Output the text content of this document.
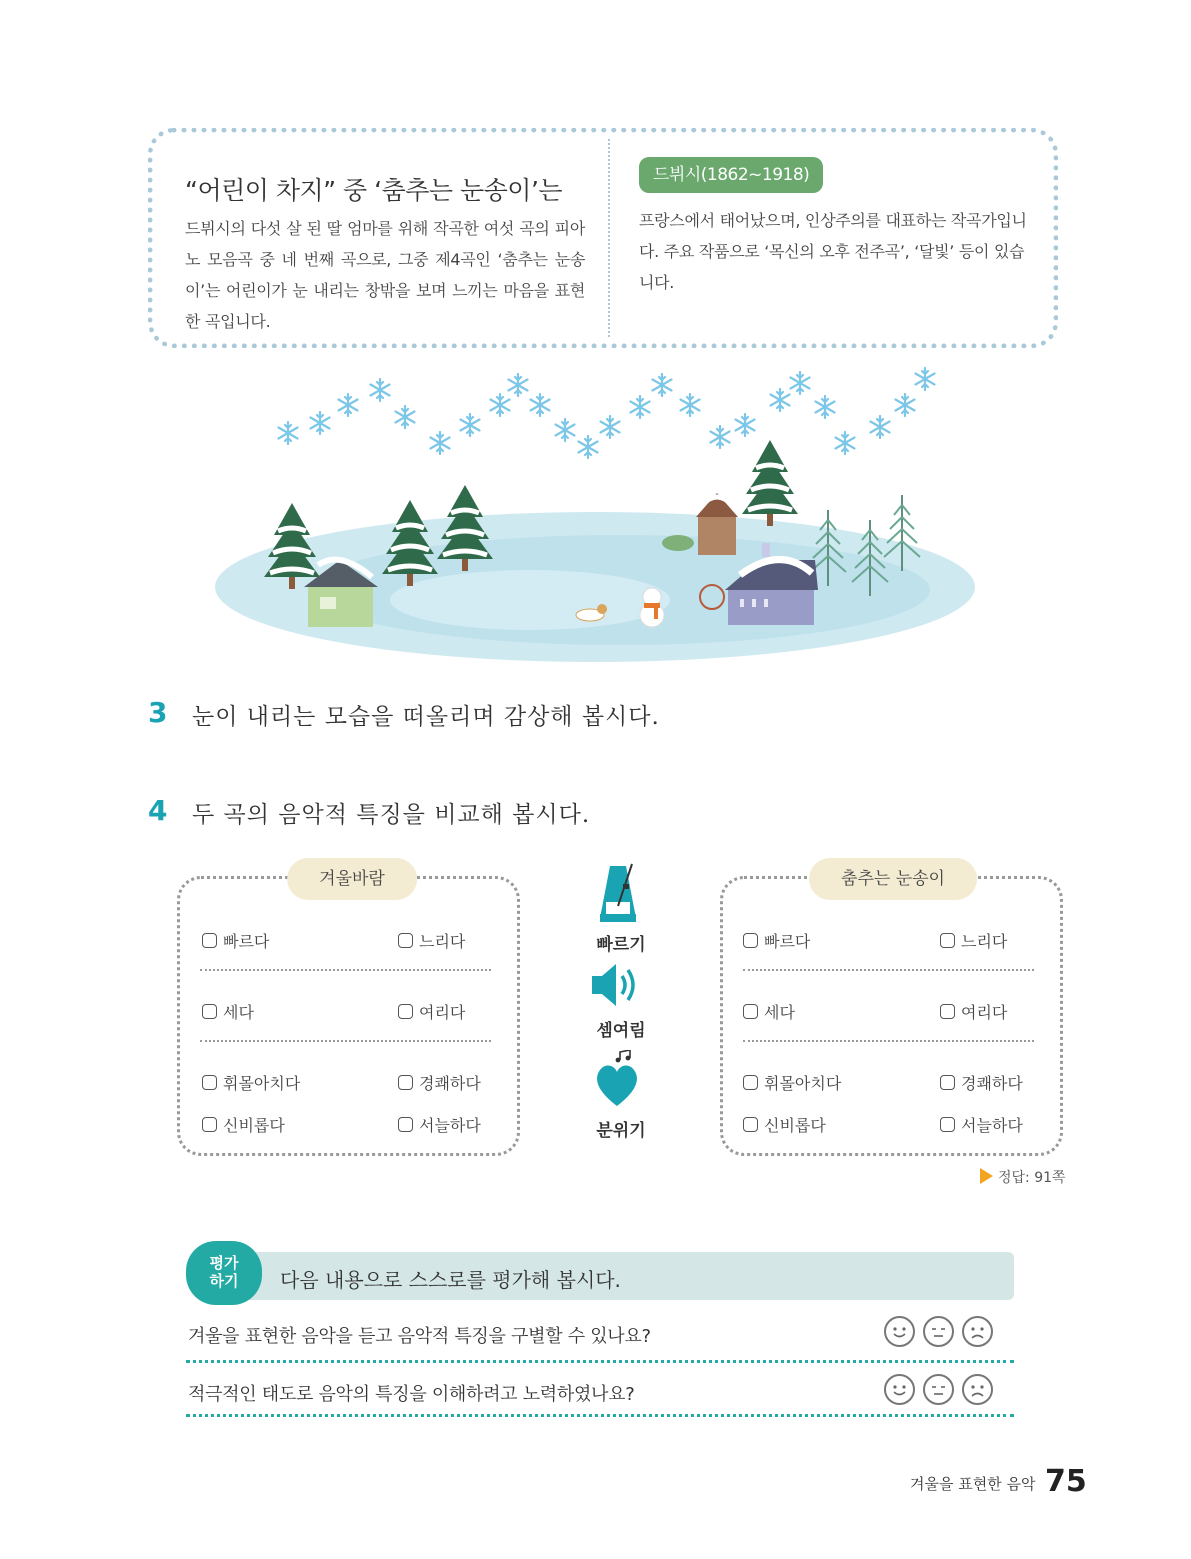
“어린이 차지” 중 ‘춤추는 눈송이’는
드뷔시의 다섯 살 된 딸 엄마를 위해 작곡한 여섯 곡의 피아노 모음곡 중 네 번째 곡으로, 그중 제4곡인 ‘춤추는 눈송이’는 어린이가 눈 내리는 창밖을 보며 느끼는 마음을 표현한 곡입니다.
드뷔시(1862~1918)
프랑스에서 태어났으며, 인상주의를 대표하는 작곡가입니다. 주요 작품으로 ‘목신의 오후 전주곡’, ‘달빛’ 등이 있습니다.
3 눈이 내리는 모습을 떠올리며 감상해 봅시다.
4 두 곡의 음악적 특징을 비교해 봅시다.
겨울바람
빠르다	느리다
세다	여리다
휘몰아치다	경쾌하다
신비롭다	서늘하다
빠르기
셈여림
분위기
춤추는 눈송이
빠르다	느리다
세다	여리다
휘몰아치다	경쾌하다
신비롭다	서늘하다
정답: 91쪽
평가
하기	다음 내용으로 스스로를 평가해 봅시다.
겨울을 표현한 음악을 듣고 음악적 특징을 구별할 수 있나요?
적극적인 태도로 음악의 특징을 이해하려고 노력하였나요?
겨울을 표현한 음악 75
